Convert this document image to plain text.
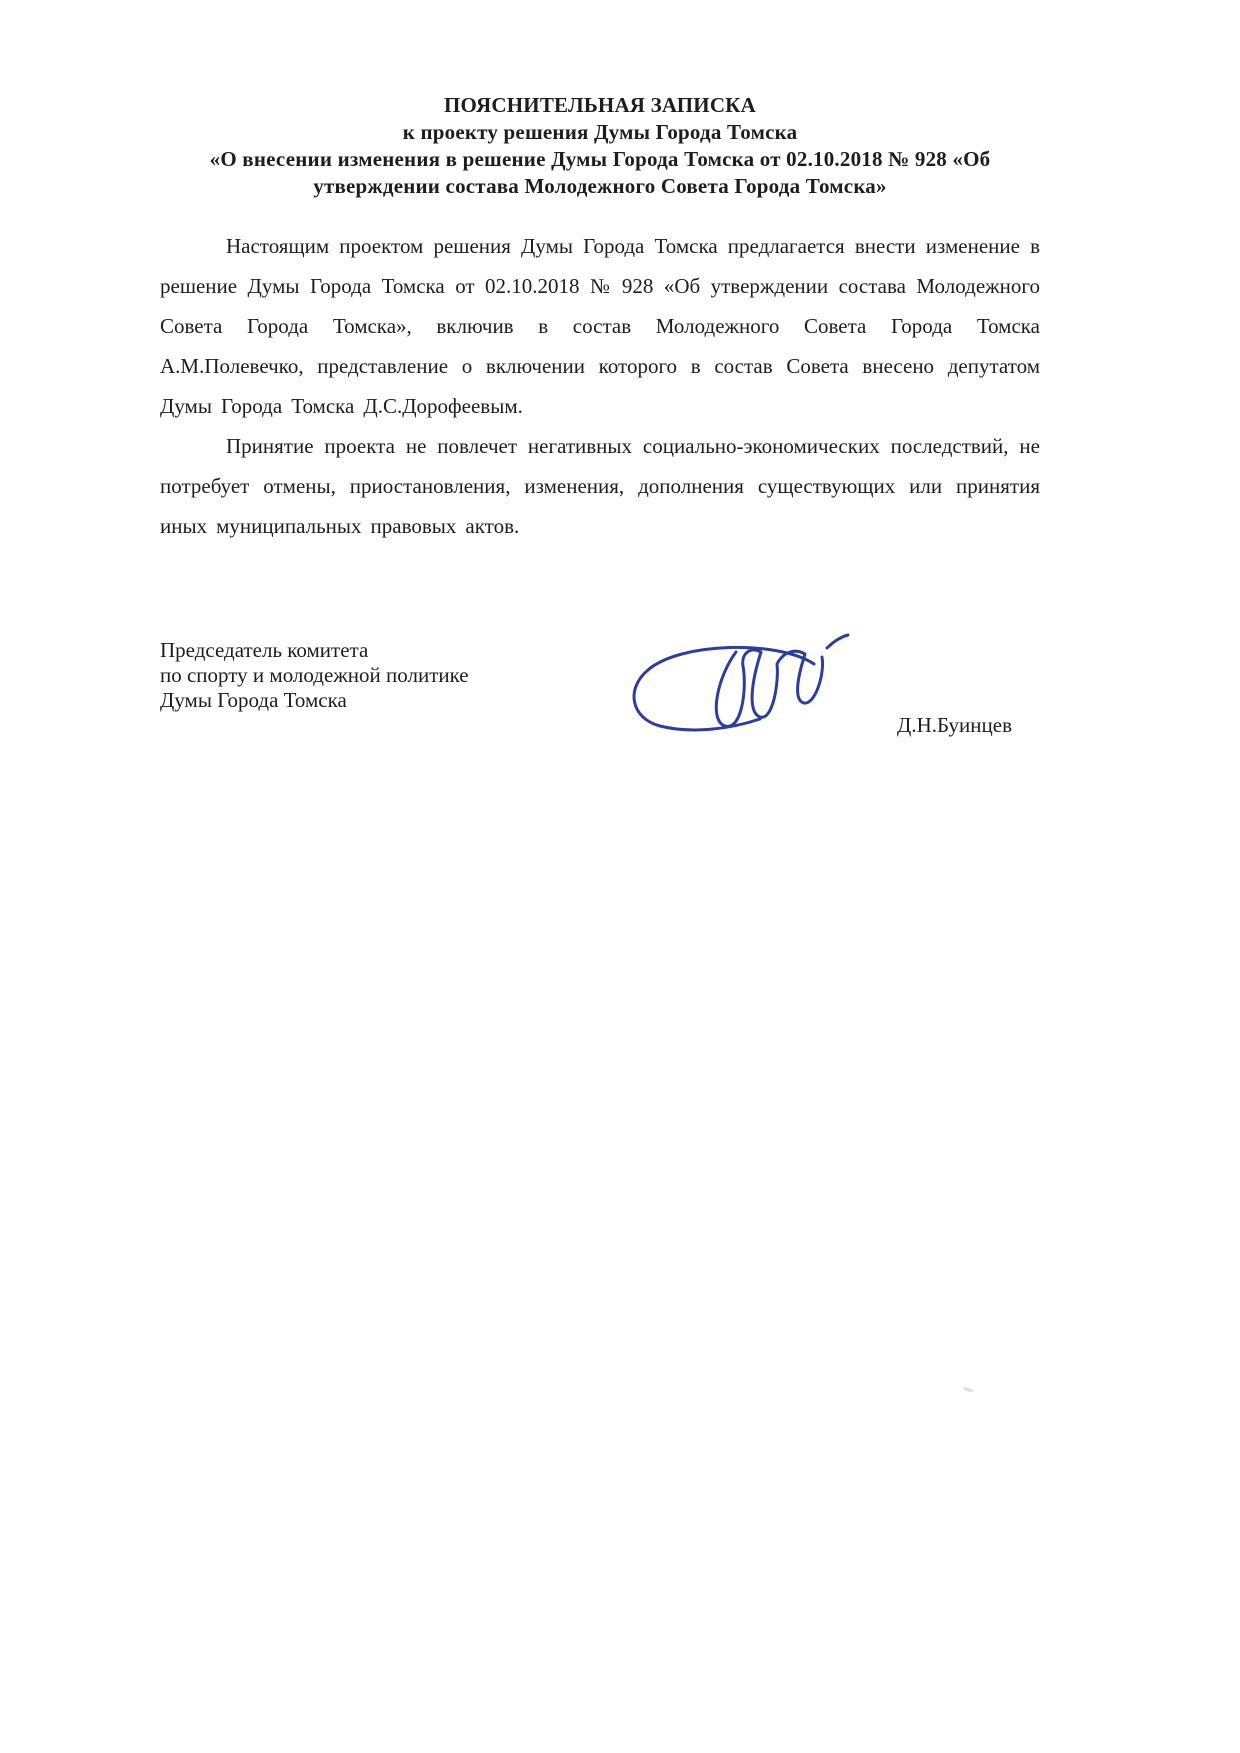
ПОЯСНИТЕЛЬНАЯ ЗАПИСКА
к проекту решения Думы Города Томска
«О внесении изменения в решение Думы Города Томска от 02.10.2018 № 928 «Об утверждении состава Молодежного Совета Города Томска»

Настоящим проектом решения Думы Города Томска предлагается внести изменение в решение Думы Города Томска от 02.10.2018 № 928 «Об утверждении состава Молодежного Совета Города Томска», включив в состав Молодежного Совета Города Томска А.М.Полевечко, представление о включении которого в состав Совета внесено депутатом Думы Города Томска Д.С.Дорофеевым.

Принятие проекта не повлечет негативных социально-экономических последствий, не потребует отмены, приостановления, изменения, дополнения существующих или принятия иных муниципальных правовых актов.

Председатель комитета
по спорту и молодежной политике
Думы Города Томска
Д.Н.Буинцев
